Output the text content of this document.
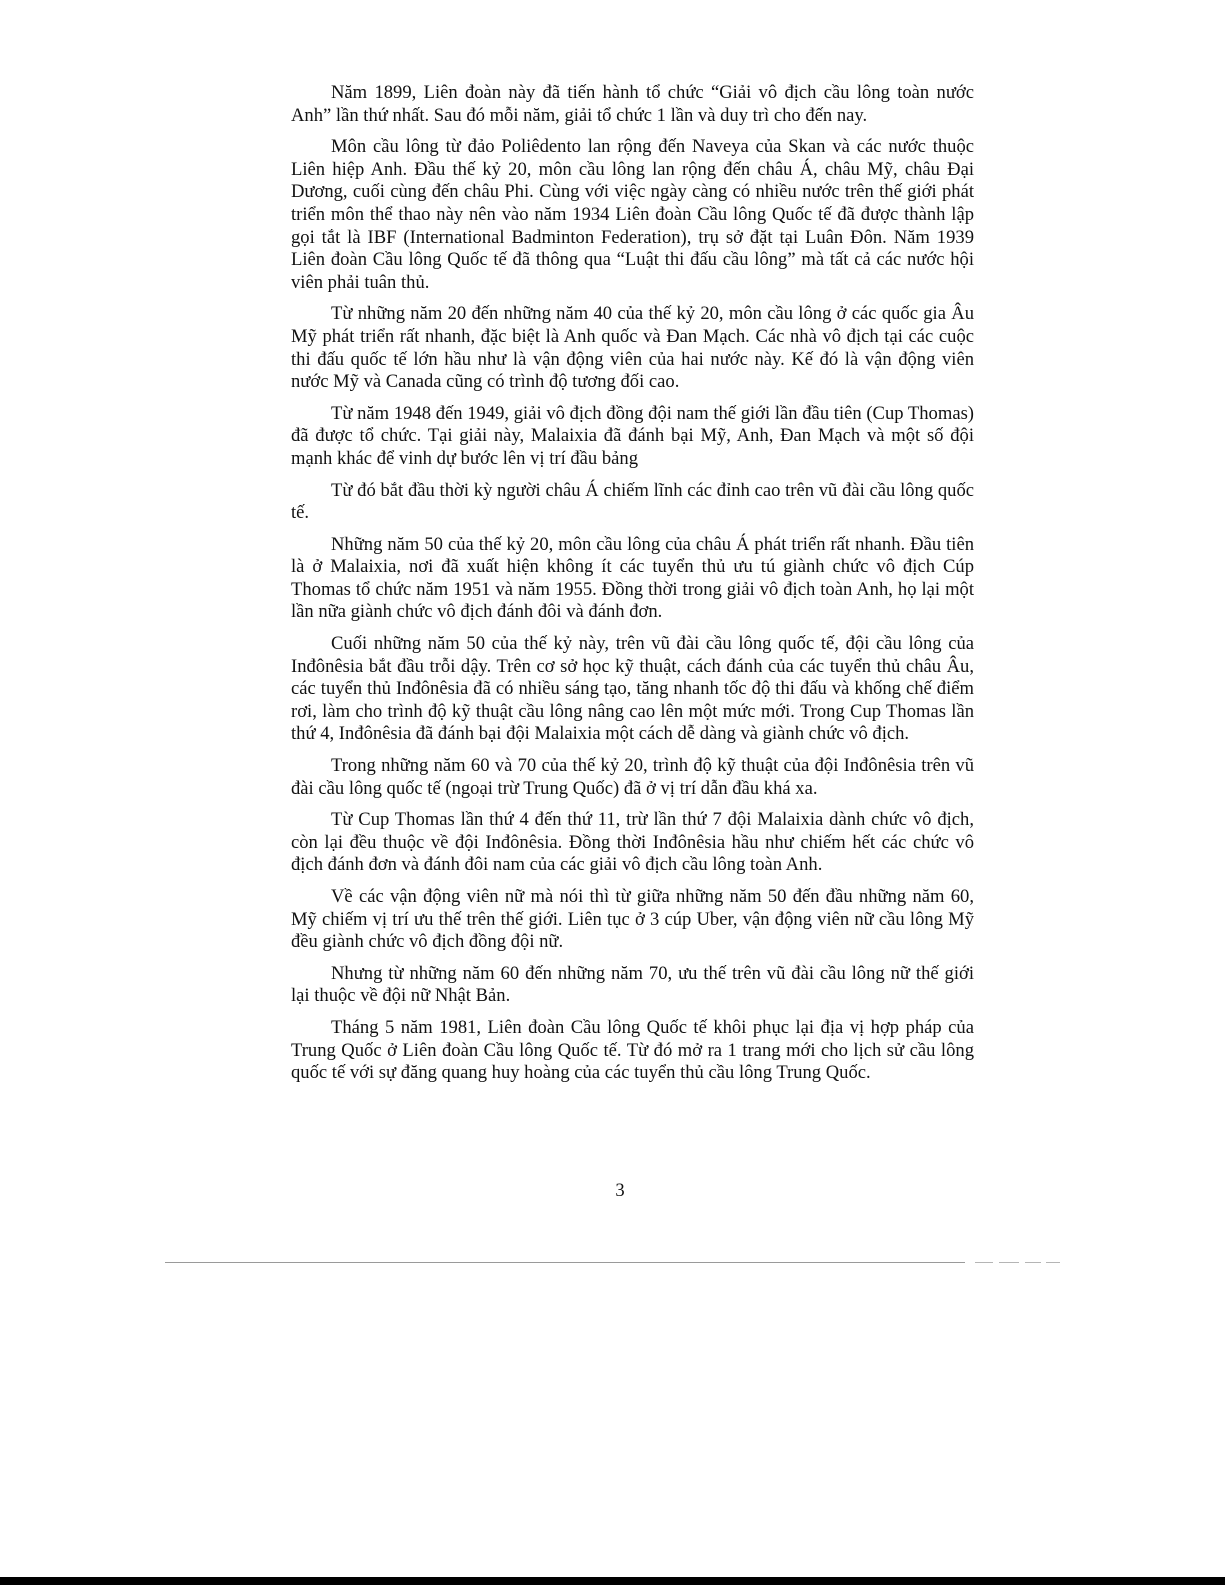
Năm 1899, Liên đoàn này đã tiến hành tổ chức “Giải vô địch cầu lông toàn nước Anh” lần thứ nhất. Sau đó mỗi năm, giải tổ chức 1 lần và duy trì cho đến nay.

Môn cầu lông từ đảo Poliêdento lan rộng đến Naveya của Skan và các nước thuộc Liên hiệp Anh. Đầu thế kỷ 20, môn cầu lông lan rộng đến châu Á, châu Mỹ, châu Đại Dương, cuối cùng đến châu Phi. Cùng với việc ngày càng có nhiều nước trên thế giới phát triển môn thể thao này nên vào năm 1934 Liên đoàn Cầu lông Quốc tế đã được thành lập gọi tắt là IBF (International Badminton Federation), trụ sở đặt tại Luân Đôn. Năm 1939 Liên đoàn Cầu lông Quốc tế đã thông qua “Luật thi đấu cầu lông” mà tất cả các nước hội viên phải tuân thủ.

Từ những năm 20 đến những năm 40 của thế kỷ 20, môn cầu lông ở các quốc gia Âu Mỹ phát triển rất nhanh, đặc biệt là Anh quốc và Đan Mạch. Các nhà vô địch tại các cuộc thi đấu quốc tế lớn hầu như là vận động viên của hai nước này. Kế đó là vận động viên nước Mỹ và Canada cũng có trình độ tương đối cao.

Từ năm 1948 đến 1949, giải vô địch đồng đội nam thế giới lần đầu tiên (Cup Thomas) đã được tổ chức. Tại giải này, Malaixia đã đánh bại Mỹ, Anh, Đan Mạch và một số đội mạnh khác để vinh dự bước lên vị trí đầu bảng

Từ đó bắt đầu thời kỳ người châu Á chiếm lĩnh các đỉnh cao trên vũ đài cầu lông quốc tế.

Những năm 50 của thế kỷ 20, môn cầu lông của châu Á phát triển rất nhanh. Đầu tiên là ở Malaixia, nơi đã xuất hiện không ít các tuyển thủ ưu tú giành chức vô địch Cúp Thomas tổ chức năm 1951 và năm 1955. Đồng thời trong giải vô địch toàn Anh, họ lại một lần nữa giành chức vô địch đánh đôi và đánh đơn.

Cuối những năm 50 của thế kỷ này, trên vũ đài cầu lông quốc tế, đội cầu lông của Inđônêsia bắt đầu trỗi dậy. Trên cơ sở học kỹ thuật, cách đánh của các tuyển thủ châu Âu, các tuyển thủ Inđônêsia đã có nhiều sáng tạo, tăng nhanh tốc độ thi đấu và khống chế điểm rơi, làm cho trình độ kỹ thuật cầu lông nâng cao lên một mức mới. Trong Cup Thomas lần thứ 4, Inđônêsia đã đánh bại đội Malaixia một cách dễ dàng và giành chức vô địch.

Trong những năm 60 và 70 của thế kỷ 20, trình độ kỹ thuật của đội Inđônêsia trên vũ đài cầu lông quốc tế (ngoại trừ Trung Quốc) đã ở vị trí dẫn đầu khá xa.

Từ Cup Thomas lần thứ 4 đến thứ 11, trừ lần thứ 7 đội Malaixia dành chức vô địch, còn lại đều thuộc về đội Inđônêsia. Đồng thời Inđônêsia hầu như chiếm hết các chức vô địch đánh đơn và đánh đôi nam của các giải vô địch cầu lông toàn Anh.

Về các vận động viên nữ mà nói thì từ giữa những năm 50 đến đầu những năm 60, Mỹ chiếm vị trí ưu thế trên thế giới. Liên tục ở 3 cúp Uber, vận động viên nữ cầu lông Mỹ đều giành chức vô địch đồng đội nữ.

Nhưng từ những năm 60 đến những năm 70, ưu thế trên vũ đài cầu lông nữ thế giới lại thuộc về đội nữ Nhật Bản.

Tháng 5 năm 1981, Liên đoàn Cầu lông Quốc tế khôi phục lại địa vị hợp pháp của Trung Quốc ở Liên đoàn Cầu lông Quốc tế. Từ đó mở ra 1 trang mới cho lịch sử cầu lông quốc tế với sự đăng quang huy hoàng của các tuyển thủ cầu lông Trung Quốc.

3
